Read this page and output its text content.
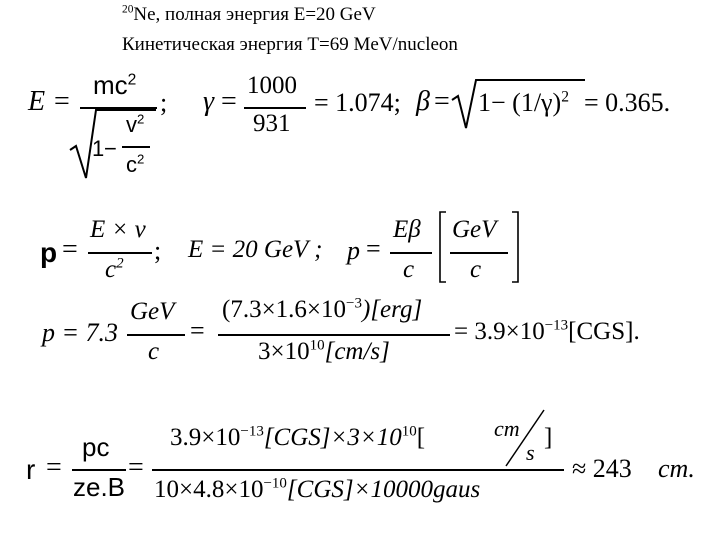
$^{20}$Ne, полная энергия E=20 GeV
Кинетическая энергия T=69 MeV/nucleon
E =
$mc^2$
1 −
$v^2$
$c^2$
; γ =
1000
931
= 1.074; $\beta = 1- (1/\gamma)^2 = 0.365$.
p =
E × v
$c^2$ ; E = 20 GeV ; p =
Eβ
c
GeV
c
p = 7.3
GeV
c
=
$(7.3\times 1.6\times 10^{-3})[erg]$
$3\times 10^{10}[cm/s]$
= $3.9\times 10^{-13}[CGS]$.
r =
pc
ze.B
=
$3.9\times 10^{-13}[CGS]\times 3\times 10^{10}$[	cm
s
]
$10\times 4.8\times 10^{-10}[CGS]\times 10000gaus$
≈ 243 cm.
